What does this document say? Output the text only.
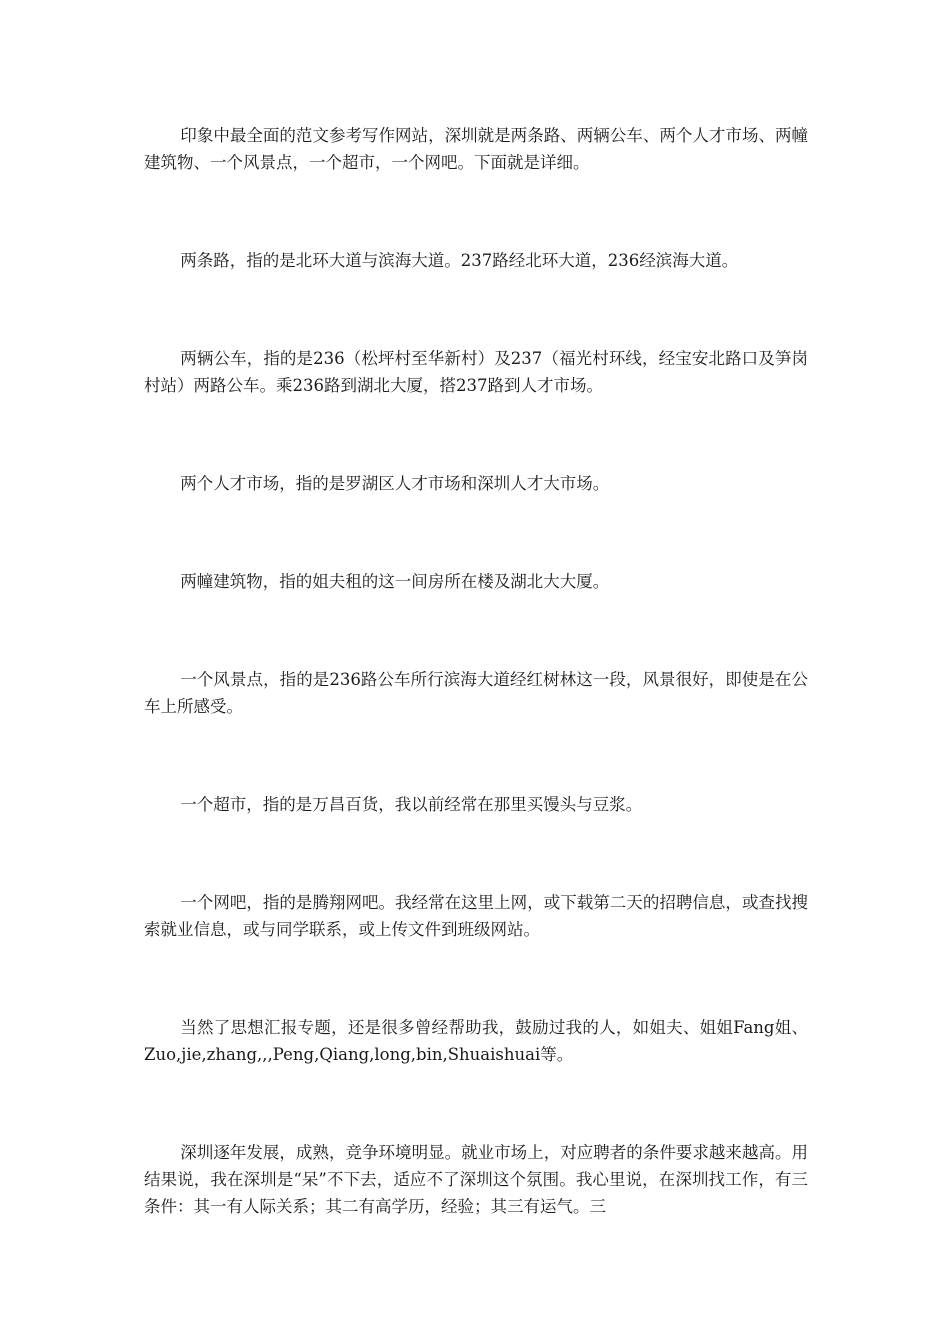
印象中最全面的范文参考写作网站，深圳就是两条路、两辆公车、两个人才市场、两幢建筑物、一个风景点，一个超市，一个网吧。下面就是详细。

两条路，指的是北环大道与滨海大道。237路经北环大道，236经滨海大道。

两辆公车，指的是236（松坪村至华新村）及237（福光村环线，经宝安北路口及笋岗村站）两路公车。乘236路到湖北大厦，搭237路到人才市场。

两个人才市场，指的是罗湖区人才市场和深圳人才大市场。

两幢建筑物，指的姐夫租的这一间房所在楼及湖北大大厦。

一个风景点，指的是236路公车所行滨海大道经红树林这一段，风景很好，即使是在公车上所感受。

一个超市，指的是万昌百货，我以前经常在那里买馒头与豆浆。

一个网吧，指的是腾翔网吧。我经常在这里上网，或下载第二天的招聘信息，或查找搜索就业信息，或与同学联系，或上传文件到班级网站。

当然了思想汇报专题，还是很多曾经帮助我，鼓励过我的人，如姐夫、姐姐Fang姐、Zuo,jie,zhang,,,Peng,Qiang,long,bin,Shuaishuai等。

深圳逐年发展，成熟，竞争环境明显。就业市场上，对应聘者的条件要求越来越高。用结果说，我在深圳是“呆”不下去，适应不了深圳这个氛围。我心里说，在深圳找工作，有三条件：其一有人际关系；其二有高学历，经验；其三有运气。三
